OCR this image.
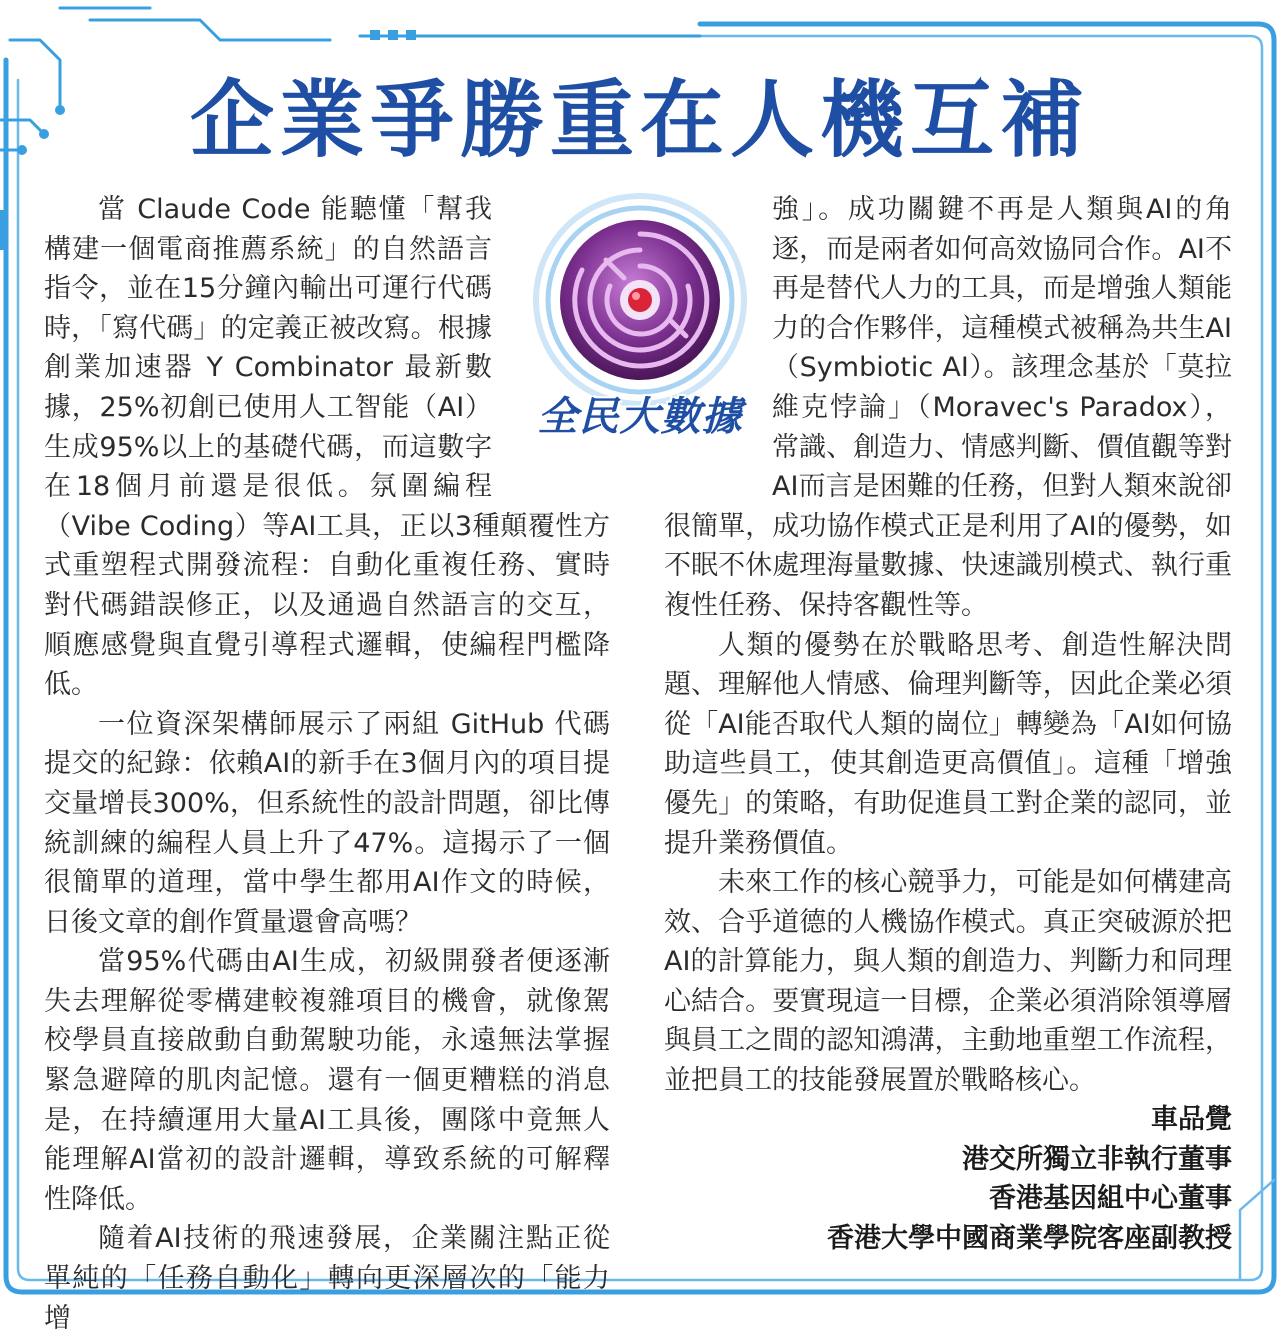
企業爭勝重在人機互補

全民大數據

當 Claude Code 能聽懂「幫我構建一個電商推薦系統」的自然語言指令，並在15分鐘內輸出可運行代碼時，「寫代碼」的定義正被改寫。根據創業加速器 Y Combinator 最新數據，25%初創已使用人工智能（AI）生成95%以上的基礎代碼，而這數字在18個月前還是很低。氛圍編程（Vibe Coding）等AI工具，正以3種顛覆性方式重塑程式開發流程：自動化重複任務、實時對代碼錯誤修正，以及通過自然語言的交互，順應感覺與直覺引導程式邏輯，使編程門檻降低。

一位資深架構師展示了兩組 GitHub 代碼提交的紀錄：依賴AI的新手在3個月內的項目提交量增長300%，但系統性的設計問題，卻比傳統訓練的編程人員上升了47%。這揭示了一個很簡單的道理，當中學生都用AI作文的時候，日後文章的創作質量還會高嗎？

當95%代碼由AI生成，初級開發者便逐漸失去理解從零構建較複雜項目的機會，就像駕校學員直接啟動自動駕駛功能，永遠無法掌握緊急避障的肌肉記憶。還有一個更糟糕的消息是，在持續運用大量AI工具後，團隊中竟無人能理解AI當初的設計邏輯，導致系統的可解釋性降低。

隨着AI技術的飛速發展，企業關注點正從單純的「任務自動化」轉向更深層次的「能力增

強」。成功關鍵不再是人類與AI的角逐，而是兩者如何高效協同合作。AI不再是替代人力的工具，而是增強人類能力的合作夥伴，這種模式被稱為共生AI（Symbiotic AI）。該理念基於「莫拉維克悖論」（Moravec's Paradox），常識、創造力、情感判斷、價值觀等對AI而言是困難的任務，但對人類來說卻很簡單，成功協作模式正是利用了AI的優勢，如不眠不休處理海量數據、快速識別模式、執行重複性任務、保持客觀性等。

人類的優勢在於戰略思考、創造性解決問題、理解他人情感、倫理判斷等，因此企業必須從「AI能否取代人類的崗位」轉變為「AI如何協助這些員工，使其創造更高價值」。這種「增強優先」的策略，有助促進員工對企業的認同，並提升業務價值。

未來工作的核心競爭力，可能是如何構建高效、合乎道德的人機協作模式。真正突破源於把AI的計算能力，與人類的創造力、判斷力和同理心結合。要實現這一目標，企業必須消除領導層與員工之間的認知鴻溝，主動地重塑工作流程，並把員工的技能發展置於戰略核心。

車品覺

港交所獨立非執行董事

香港基因組中心董事

香港大學中國商業學院客座副教授
